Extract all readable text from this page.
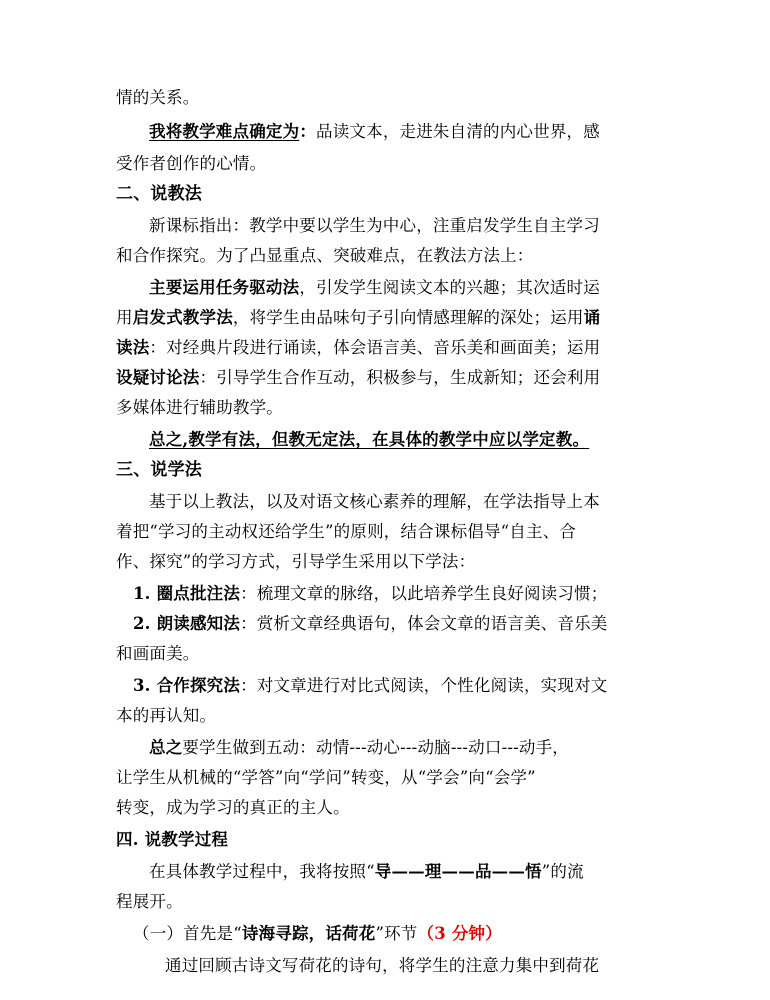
情的关系。
我将教学难点确定为：品读文本，走进朱自清的内心世界，感
受作者创作的心情。
二、说教法
新课标指出：教学中要以学生为中心，注重启发学生自主学习
和合作探究。为了凸显重点、突破难点，在教法方法上：
主要运用任务驱动法，引发学生阅读文本的兴趣；其次适时运
用启发式教学法，将学生由品味句子引向情感理解的深处；运用诵
读法：对经典片段进行诵读，体会语言美、音乐美和画面美；运用
设疑讨论法：引导学生合作互动，积极参与，生成新知；还会利用
多媒体进行辅助教学。
总之,教学有法，但教无定法，在具体的教学中应以学定教。
三、说学法
基于以上教法，以及对语文核心素养的理解，在学法指导上本
着把“学习的主动权还给学生”的原则，结合课标倡导“自主、合
作、探究”的学习方式，引导学生采用以下学法：
1. 圈点批注法：梳理文章的脉络，以此培养学生良好阅读习惯；
2. 朗读感知法：赏析文章经典语句，体会文章的语言美、音乐美
和画面美。
3. 合作探究法：对文章进行对比式阅读，个性化阅读，实现对文
本的再认知。
总之要学生做到五动：动情---动心---动脑---动口---动手，
让学生从机械的“学答”向“学问”转变，从“学会”向“会学”
转变，成为学习的真正的主人。
四. 说教学过程
在具体教学过程中，我将按照“导——理——品——悟”的流
程展开。
（一）首先是“诗海寻踪，话荷花”环节（3 分钟）
通过回顾古诗文写荷花的诗句，将学生的注意力集中到荷花
